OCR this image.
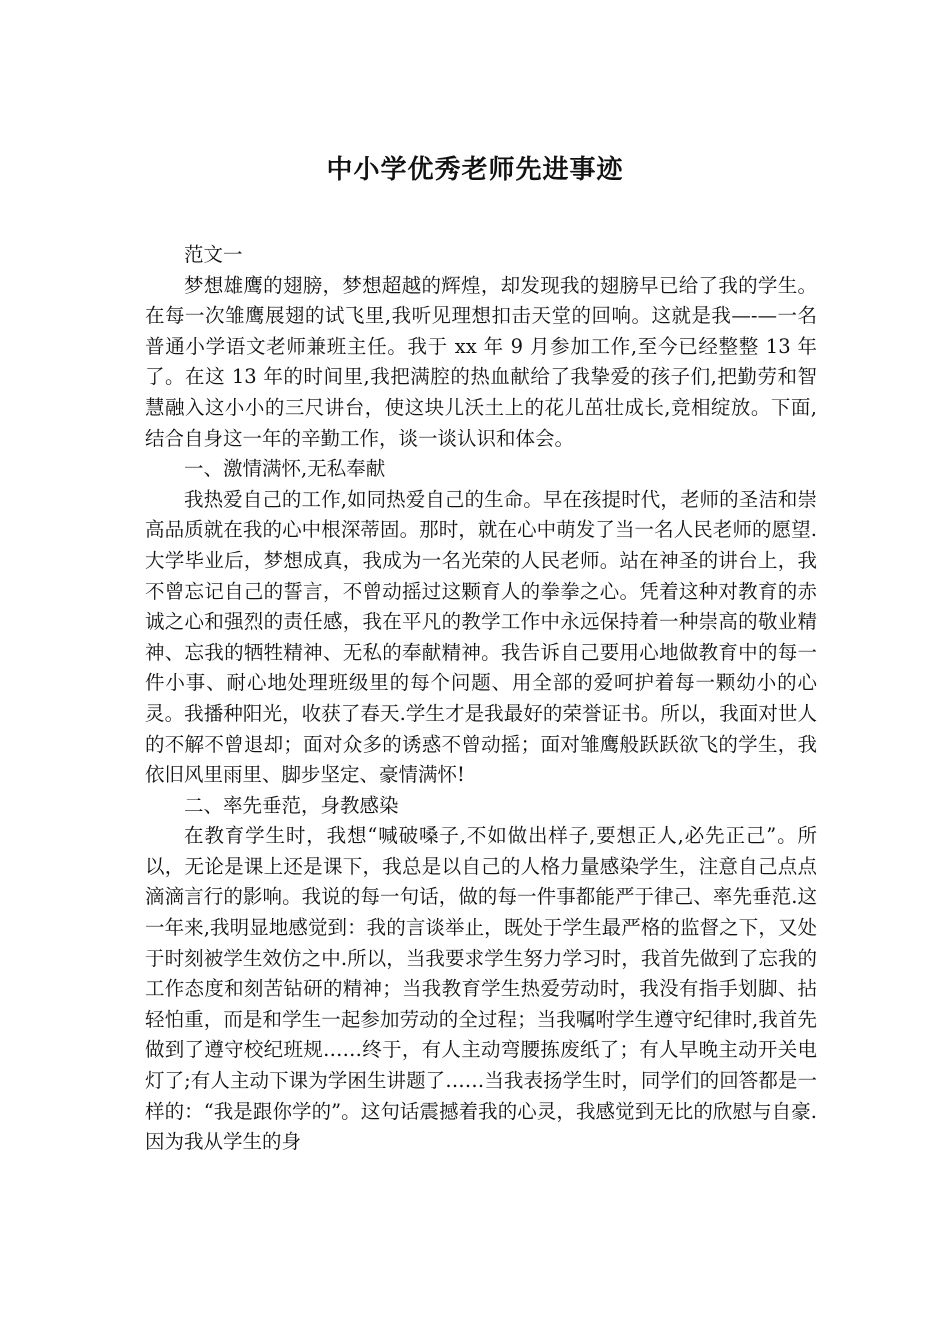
中小学优秀老师先进事迹

范文一

梦想雄鹰的翅膀，梦想超越的辉煌，却发现我的翅膀早已给了我的学生。在每一次雏鹰展翅的试飞里,我听见理想扣击天堂的回响。这就是我—-—一名普通小学语文老师兼班主任。我于 xx 年 9 月参加工作,至今已经整整 13 年了。在这 13 年的时间里,我把满腔的热血献给了我挚爱的孩子们,把勤劳和智慧融入这小小的三尺讲台，使这块儿沃土上的花儿茁壮成长,竞相绽放。下面,结合自身这一年的辛勤工作，谈一谈认识和体会。

一、激情满怀,无私奉献

我热爱自己的工作,如同热爱自己的生命。早在孩提时代，老师的圣洁和崇高品质就在我的心中根深蒂固。那时，就在心中萌发了当一名人民老师的愿望.大学毕业后，梦想成真，我成为一名光荣的人民老师。站在神圣的讲台上，我不曾忘记自己的誓言，不曾动摇过这颗育人的拳拳之心。凭着这种对教育的赤诚之心和强烈的责任感，我在平凡的教学工作中永远保持着一种崇高的敬业精神、忘我的牺牲精神、无私的奉献精神。我告诉自己要用心地做教育中的每一件小事、耐心地处理班级里的每个问题、用全部的爱呵护着每一颗幼小的心灵。我播种阳光，收获了春天.学生才是我最好的荣誉证书。所以，我面对世人的不解不曾退却；面对众多的诱惑不曾动摇；面对雏鹰般跃跃欲飞的学生，我依旧风里雨里、脚步坚定、豪情满怀!

二、率先垂范，身教感染

在教育学生时，我想“喊破嗓子,不如做出样子,要想正人,必先正己”。所以，无论是课上还是课下，我总是以自己的人格力量感染学生，注意自己点点滴滴言行的影响。我说的每一句话，做的每一件事都能严于律己、率先垂范.这一年来,我明显地感觉到：我的言谈举止，既处于学生最严格的监督之下，又处于时刻被学生效仿之中.所以，当我要求学生努力学习时，我首先做到了忘我的工作态度和刻苦钻研的精神；当我教育学生热爱劳动时，我没有指手划脚、拈轻怕重，而是和学生一起参加劳动的全过程；当我嘱咐学生遵守纪律时,我首先做到了遵守校纪班规……终于，有人主动弯腰拣废纸了；有人早晚主动开关电灯了;有人主动下课为学困生讲题了……当我表扬学生时，同学们的回答都是一样的：“我是跟你学的”。这句话震撼着我的心灵，我感觉到无比的欣慰与自豪.因为我从学生的身
